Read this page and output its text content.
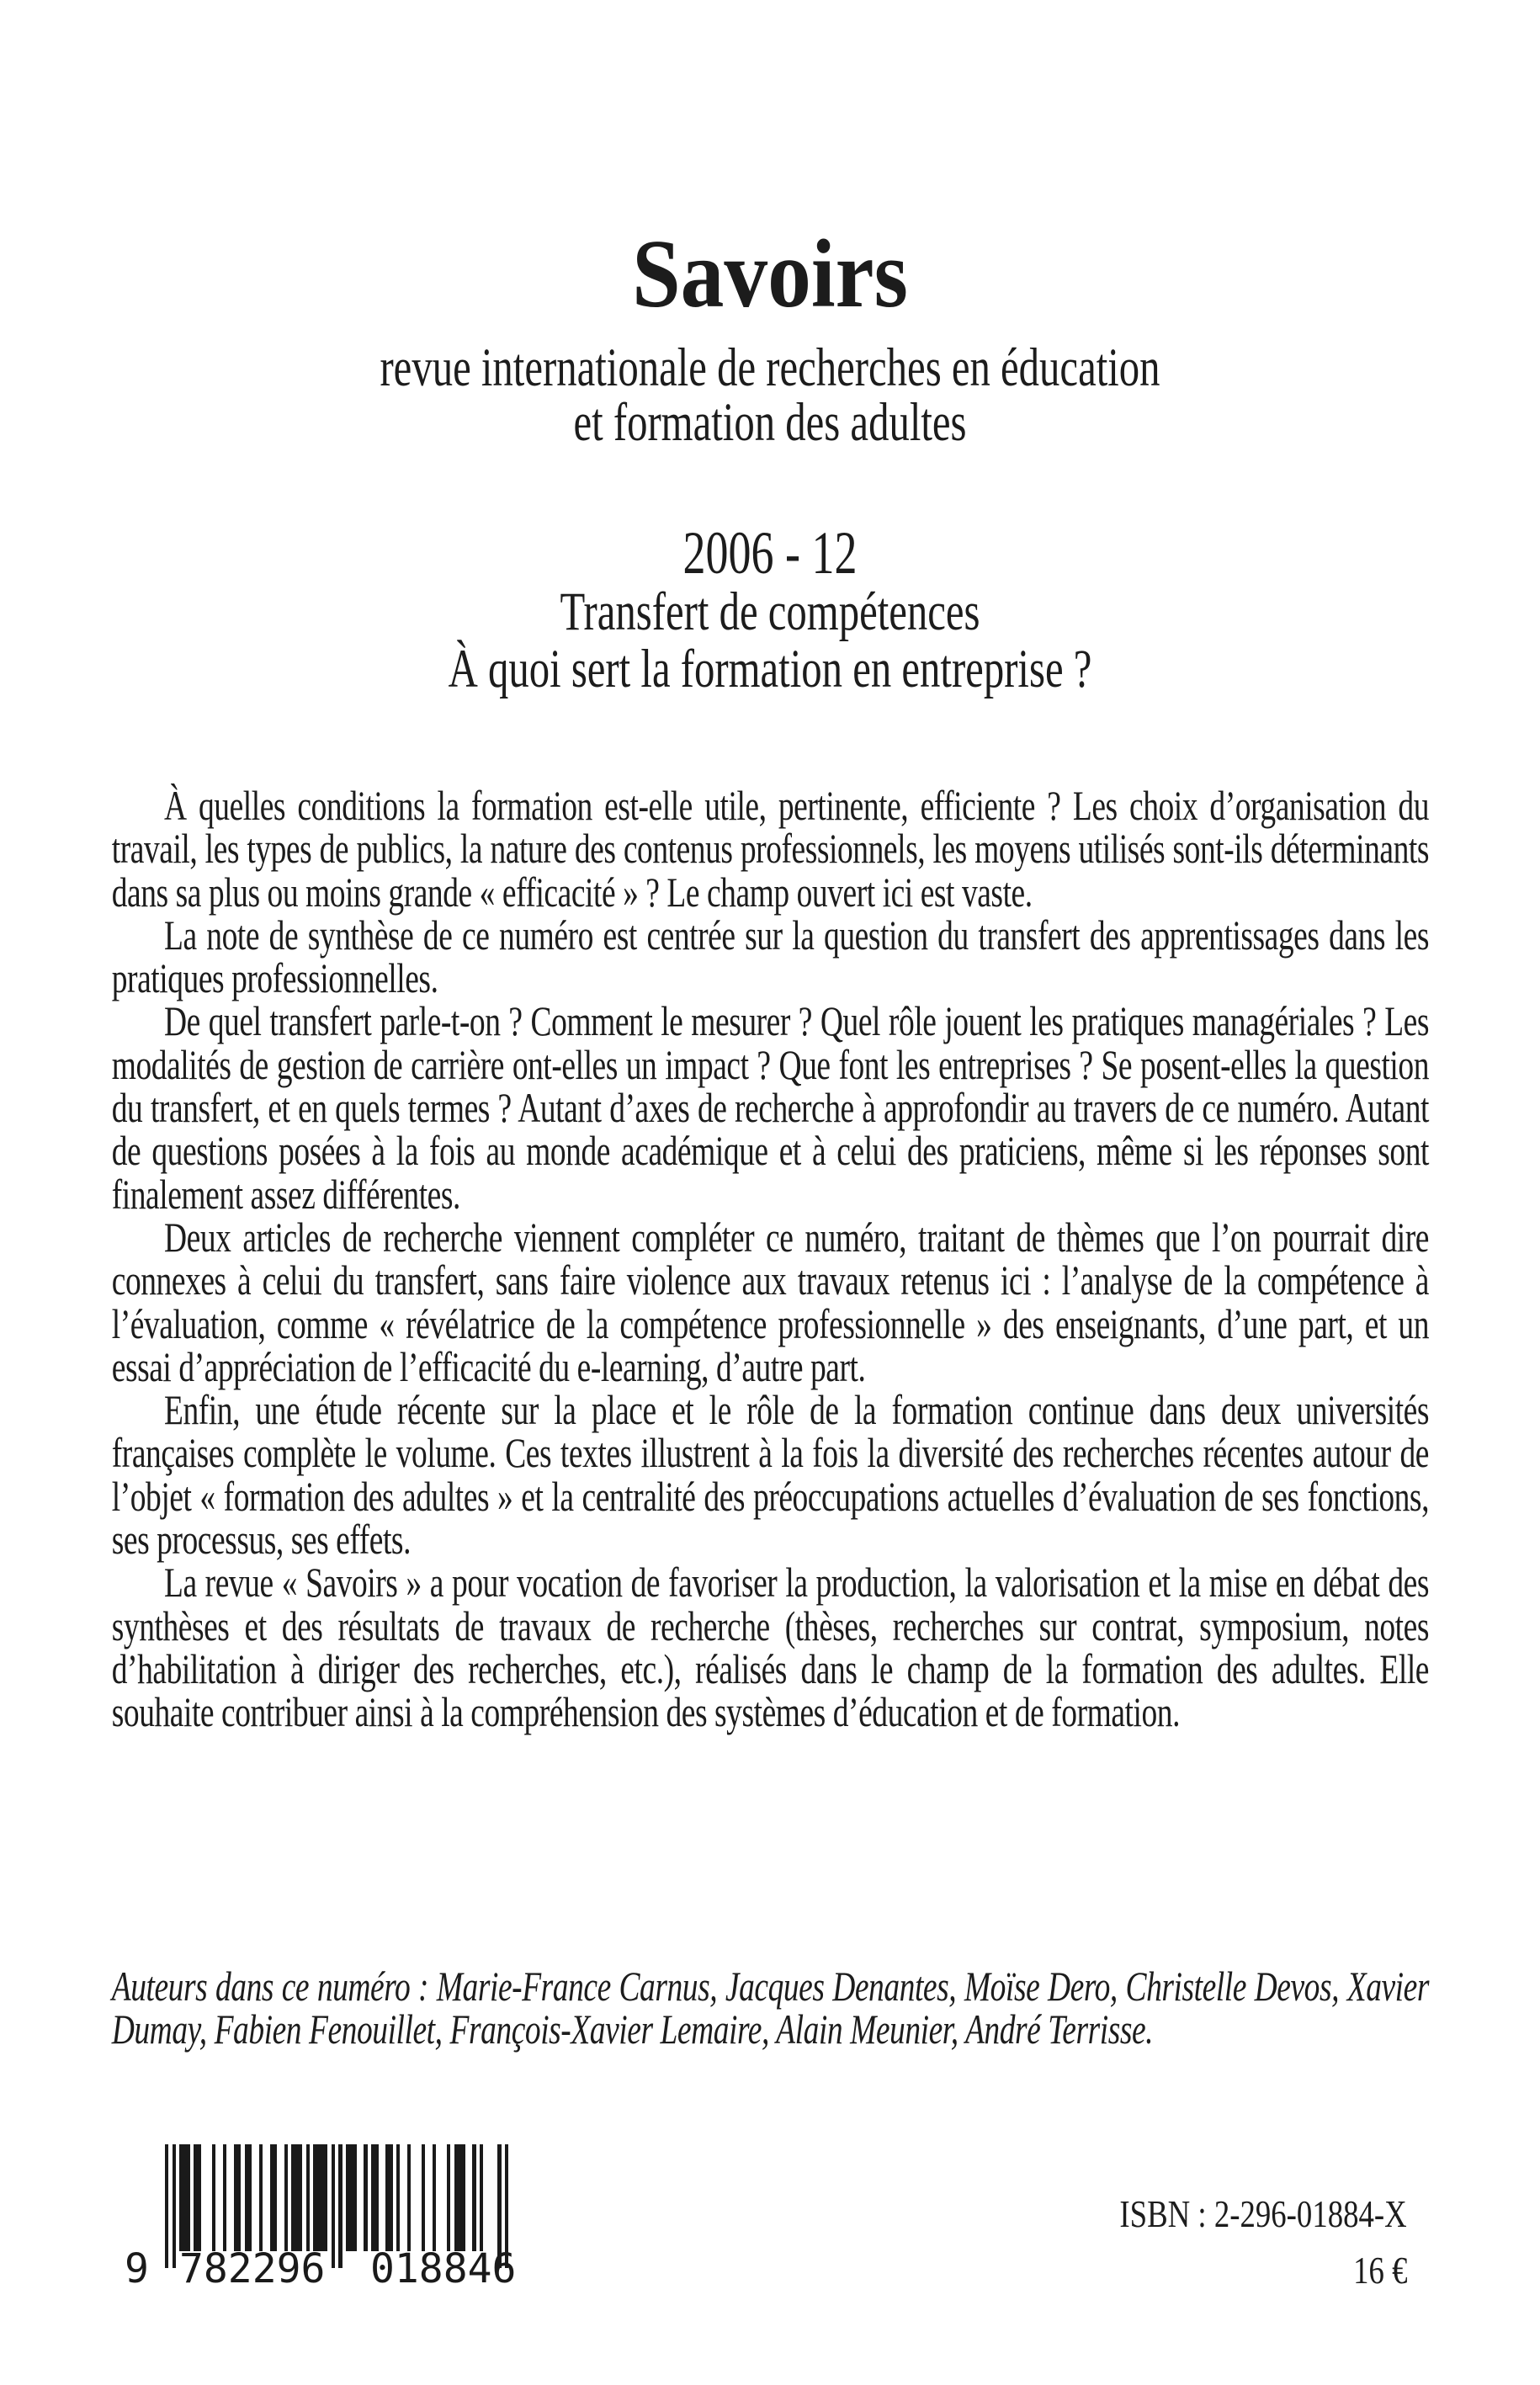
Savoirs
revue internationale de recherches en éducation
et formation des adultes
2006 - 12
Transfert de compétences
À quoi sert la formation en entreprise ?

À quelles conditions la formation est-elle utile, pertinente, efficiente ? Les choix d’organisation du travail, les types de publics, la nature des contenus professionnels, les moyens utilisés sont-ils déterminants dans sa plus ou moins grande « efficacité » ? Le champ ouvert ici est vaste.

La note de synthèse de ce numéro est centrée sur la question du transfert des apprentissages dans les pratiques professionnelles.

De quel transfert parle-t-on ? Comment le mesurer ? Quel rôle jouent les pratiques managériales ? Les modalités de gestion de carrière ont-elles un impact ? Que font les entreprises ? Se posent-elles la question du transfert, et en quels termes ? Autant d’axes de recherche à approfondir au travers de ce numéro. Autant de questions posées à la fois au monde académique et à celui des praticiens, même si les réponses sont finalement assez différentes.

Deux articles de recherche viennent compléter ce numéro, traitant de thèmes que l’on pourrait dire connexes à celui du transfert, sans faire violence aux travaux retenus ici : l’analyse de la compétence à l’évaluation, comme « révélatrice de la compétence professionnelle » des enseignants, d’une part, et un essai d’appréciation de l’efficacité du e-learning, d’autre part.

Enfin, une étude récente sur la place et le rôle de la formation continue dans deux universités françaises complète le volume. Ces textes illustrent à la fois la diversité des recherches récentes autour de l’objet « formation des adultes » et la centralité des préoccupations actuelles d’évaluation de ses fonctions, ses processus, ses effets.

La revue « Savoirs » a pour vocation de favoriser la production, la valorisation et la mise en débat des synthèses et des résultats de travaux de recherche (thèses, recherches sur contrat, symposium, notes d’habilitation à diriger des recherches, etc.), réalisés dans le champ de la formation des adultes. Elle souhaite contribuer ainsi à la compréhension des systèmes d’éducation et de formation.

Auteurs dans ce numéro : Marie-France Carnus, Jacques Denantes, Moïse Dero, Christelle Devos, Xavier Dumay, Fabien Fenouillet, François-Xavier Lemaire, Alain Meunier, André Terrisse.
9 782296 018846
ISBN : 2-296-01884-X
16 €
